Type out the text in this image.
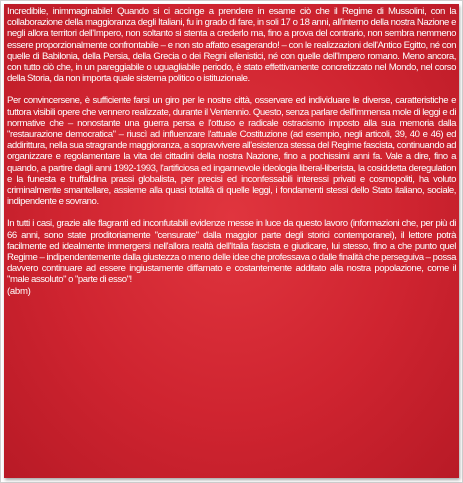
Incredibile, inimmaginabile! Quando si ci accinge a prendere in esame ciò che il Regime di Mussolini, con la collaborazione della maggioranza degli Italiani, fu in grado di fare, in soli 17 o 18 anni, all'interno della nostra Nazione e negli allora territori dell'Impero, non soltanto si stenta a crederlo ma, fino a prova del contrario, non sembra nemmeno essere proporzionalmente confrontabile – e non sto affatto esagerando! – con le realizzazioni dell'Antico Egitto, né con quelle di Babilonia, della Persia, della Grecia o dei Regni ellenistici, né con quelle dell'Impero romano. Meno ancora, con tutto ciò che, in un pareggiabile o uguagliabile periodo, è stato effettivamente concretizzato nel Mondo, nel corso della Storia, da non importa quale sistema politico o istituzionale.

Per convincersene, è sufficiente farsi un giro per le nostre città, osservare ed individuare le diverse, caratteristiche e tuttora visibili opere che vennero realizzate, durante il Ventennio. Questo, senza parlare dell'immensa mole di leggi e di normative che – nonostante una guerra persa e l'ottuso e radicale ostracismo imposto alla sua memoria dalla "restaurazione democratica" – riuscì ad influenzare l'attuale Costituzione (ad esempio, negli articoli, 39, 40 e 46) ed addirittura, nella sua stragrande maggioranza, a sopravvivere all'esistenza stessa del Regime fascista, continuando ad organizzare e regolamentare la vita dei cittadini della nostra Nazione, fino a pochissimi anni fa. Vale a dire, fino a quando, a partire dagli anni 1992-1993, l'artificiosa ed ingannevole ideologia liberal-liberista, la cosiddetta deregulation e la funesta e truffaldina prassi globalista, per precisi ed inconfessabili interessi privati e cosmopoliti, ha voluto criminalmente smantellare, assieme alla quasi totalità di quelle leggi, i fondamenti stessi dello Stato italiano, sociale, indipendente e sovrano.

In tutti i casi, grazie alle flagranti ed inconfutabili evidenze messe in luce da questo lavoro (informazioni che, per più di 66 anni, sono state proditoriamente "censurate" dalla maggior parte degli storici contemporanei), il lettore potrà facilmente ed idealmente immergersi nell'allora realtà dell'Italia fascista e giudicare, lui stesso, fino a che punto quel Regime – indipendentemente dalla giustezza o meno delle idee che professava o dalle finalità che perseguiva – possa davvero continuare ad essere ingiustamente diffamato e costantemente additato alla nostra popolazione, come il "male assoluto" o "parte di esso"!

(abm)
